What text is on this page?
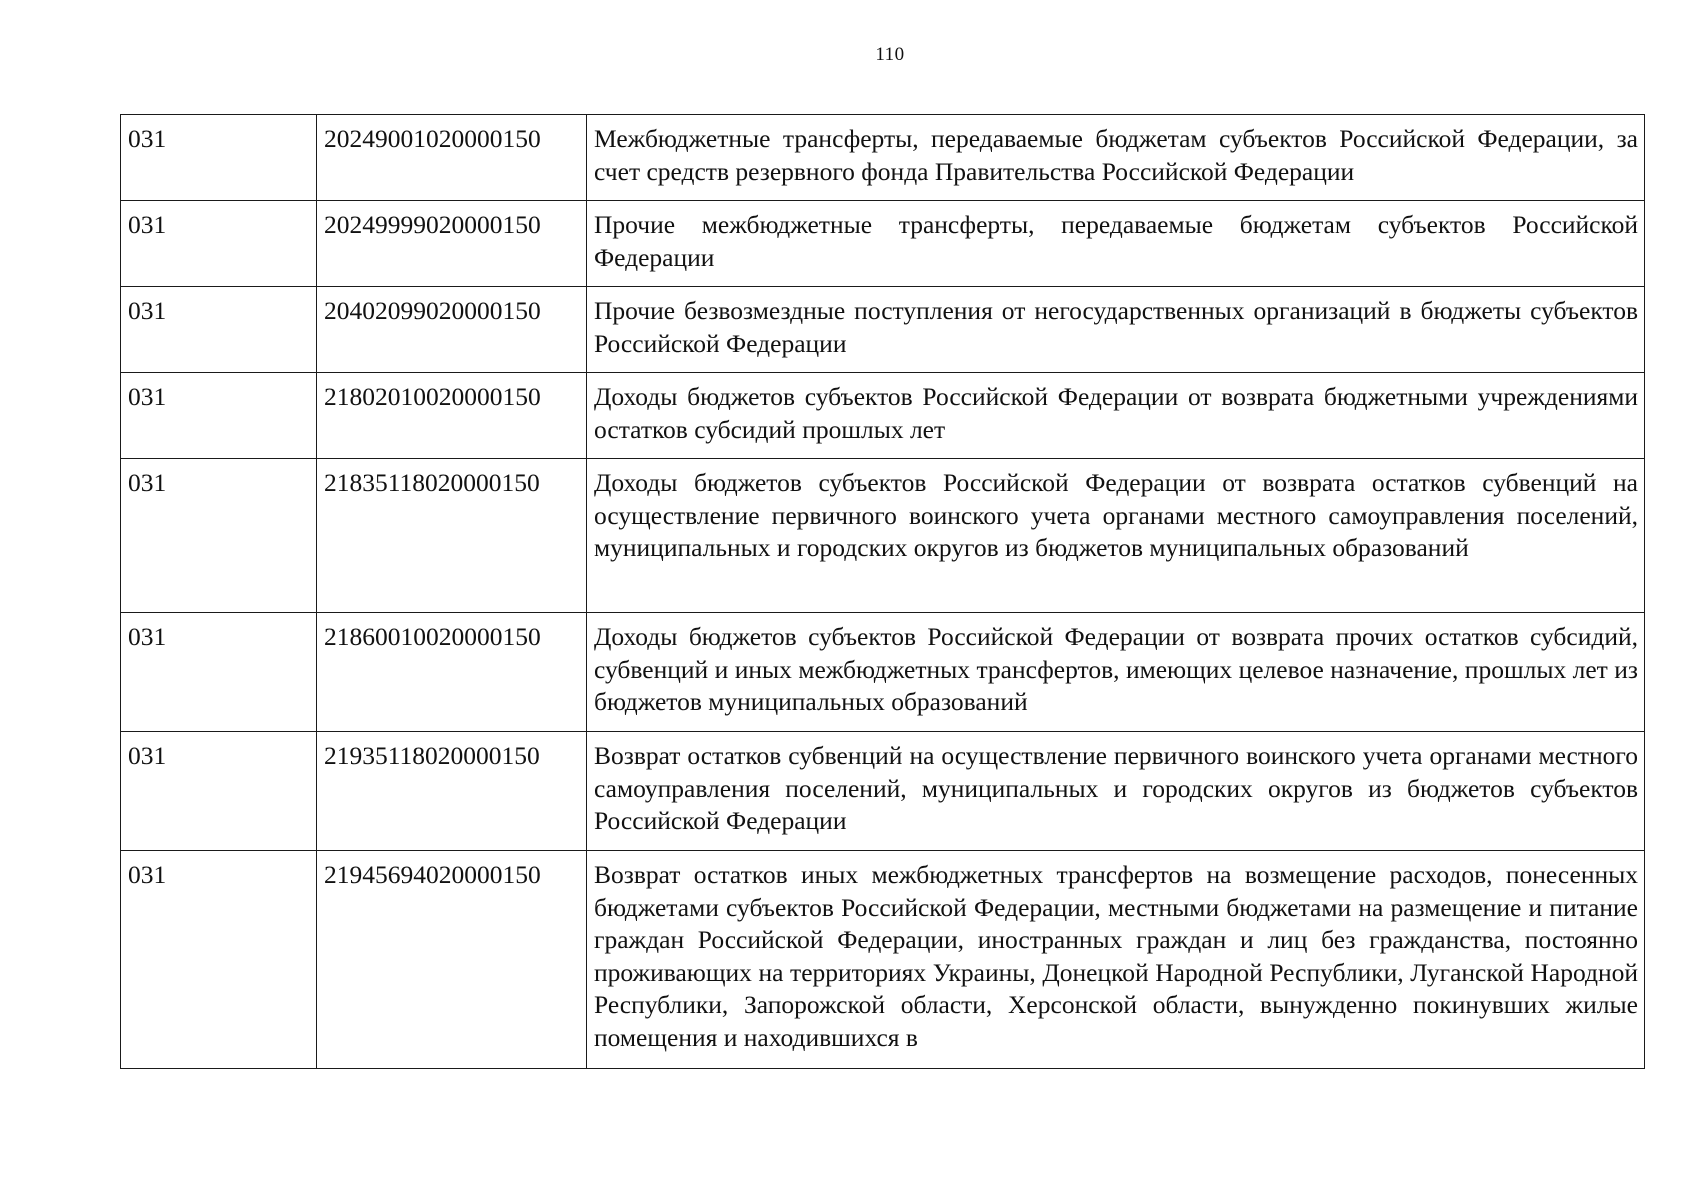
110
031	20249001020000150	Межбюджетные трансферты, передаваемые бюджетам субъектов Российской Федерации, за счет средств резервного фонда Правительства Российской Федерации
031	20249999020000150	Прочие межбюджетные трансферты, передаваемые бюджетам субъектов Российской Федерации
031	20402099020000150	Прочие безвозмездные поступления от негосударственных организаций в бюджеты субъектов Российской Федерации
031	21802010020000150	Доходы бюджетов субъектов Российской Федерации от возврата бюджетными учреждениями остатков субсидий прошлых лет
031	21835118020000150	Доходы бюджетов субъектов Российской Федерации от возврата остатков субвенций на осуществление первичного воинского учета органами местного самоуправления поселений, муниципальных и городских округов из бюджетов муниципальных образований
031	21860010020000150	Доходы бюджетов субъектов Российской Федерации от возврата прочих остатков субсидий, субвенций и иных межбюджетных трансфертов, имеющих целевое назначение, прошлых лет из бюджетов муниципальных образований
031	21935118020000150	Возврат остатков субвенций на осуществление первичного воинского учета органами местного самоуправления поселений, муниципальных и городских округов из бюджетов субъектов Российской Федерации
031	21945694020000150	Возврат остатков иных межбюджетных трансфертов на возмещение расходов, понесенных бюджетами субъектов Российской Федерации, местными бюджетами на размещение и питание граждан Российской Федерации, иностранных граждан и лиц без гражданства, постоянно проживающих на территориях Украины, Донецкой Народной Республики, Луганской Народной Республики, Запорожской области, Херсонской области, вынужденно покинувших жилые помещения и находившихся в
